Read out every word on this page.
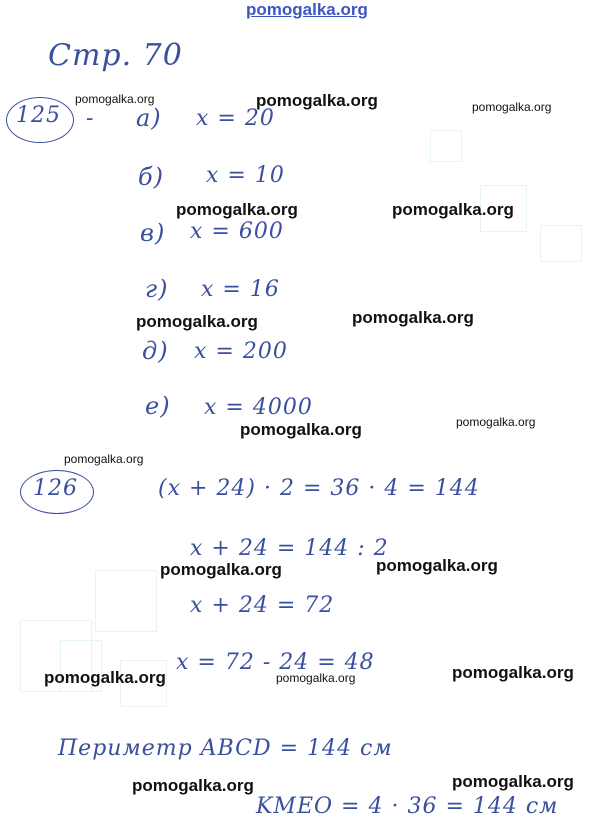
pomogalka.org
Стр. 70
125 - а) x = 20
б) x = 10
в) x = 600
г) x = 16
д) x = 200
е) x = 4000
126	(x + 24) · 2 = 36 · 4 = 144
x + 24 = 144 : 2
x + 24 = 72
x = 72 - 24 = 48
Периметр ABCD = 144 см
KMEO = 4 · 36 = 144 см
pomogalka.org	pomogalka.org	pomogalka.org
pomogalka.org	pomogalka.org
pomogalka.org	pomogalka.org
pomogalka.org	pomogalka.org
pomogalka.org
pomogalka.org	pomogalka.org
pomogalka.org	pomogalka.org	pomogalka.org
pomogalka.org	pomogalka.org
